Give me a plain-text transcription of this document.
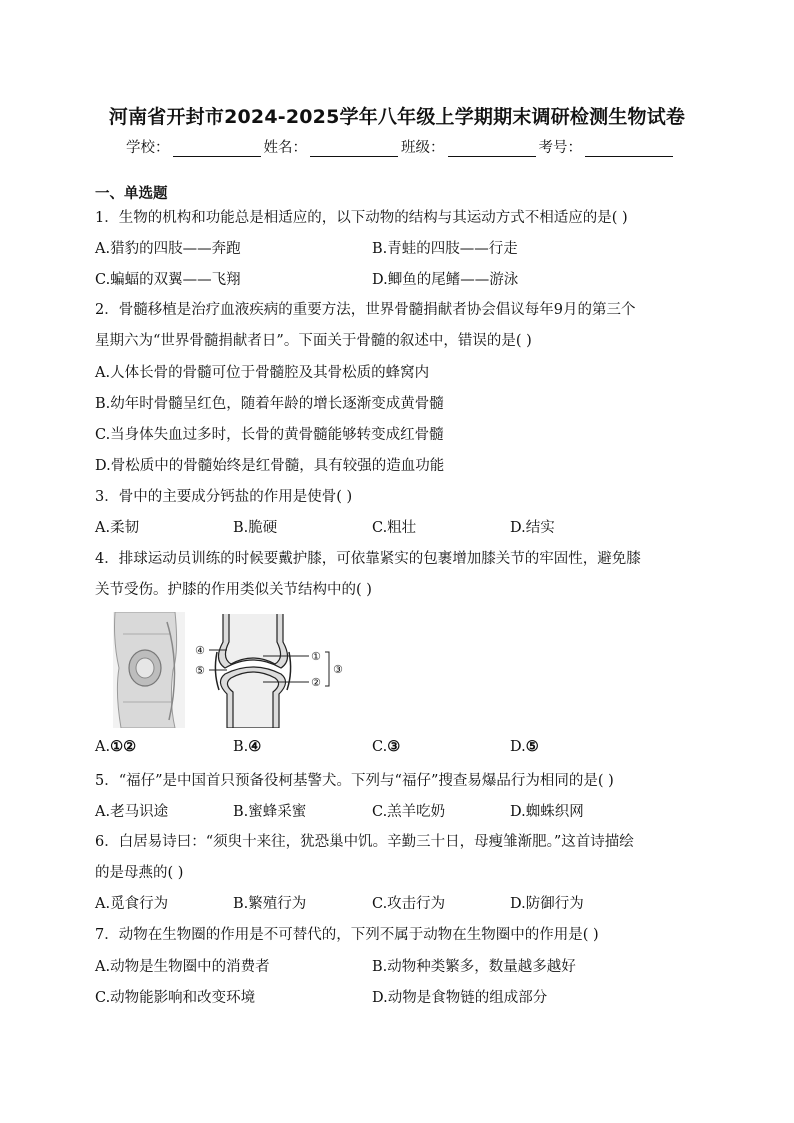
河南省开封市2024-2025学年八年级上学期期末调研检测生物试卷
学校：	姓名：	班级：	考号：
一、单选题
1．生物的机构和功能总是相适应的，以下动物的结构与其运动方式不相适应的是( )
A.猎豹的四肢——奔跑	B.青蛙的四肢——行走
C.蝙蝠的双翼——飞翔	D.鲫鱼的尾鳍——游泳
2．骨髓移植是治疗血液疾病的重要方法，世界骨髓捐献者协会倡议每年9月的第三个
星期六为“世界骨髓捐献者日”。下面关于骨髓的叙述中，错误的是( )
A.人体长骨的骨髓可位于骨髓腔及其骨松质的蜂窝内
B.幼年时骨髓呈红色，随着年龄的增长逐渐变成黄骨髓
C.当身体失血过多时，长骨的黄骨髓能够转变成红骨髓
D.骨松质中的骨髓始终是红骨髓，具有较强的造血功能
3．骨中的主要成分钙盐的作用是使骨( )
A.柔韧	B.脆硬	C.粗壮	D.结实
4．排球运动员训练的时候要戴护膝，可依靠紧实的包裹增加膝关节的牢固性，避免膝
关节受伤。护膝的作用类似关节结构中的( )
④
⑤
①
②
③
A.①②	B.④	C.③	D.⑤
5．“福仔”是中国首只预备役柯基警犬。下列与“福仔”搜查易爆品行为相同的是( )
A.老马识途	B.蜜蜂采蜜	C.羔羊吃奶	D.蜘蛛织网
6．白居易诗曰：“须臾十来往，犹恐巢中饥。辛勤三十日，母瘦雏渐肥。”这首诗描绘
的是母燕的( )
A.觅食行为	B.繁殖行为	C.攻击行为	D.防御行为
7．动物在生物圈的作用是不可替代的，下列不属于动物在生物圈中的作用是( )
A.动物是生物圈中的消费者	B.动物种类繁多，数量越多越好
C.动物能影响和改变环境	D.动物是食物链的组成部分
